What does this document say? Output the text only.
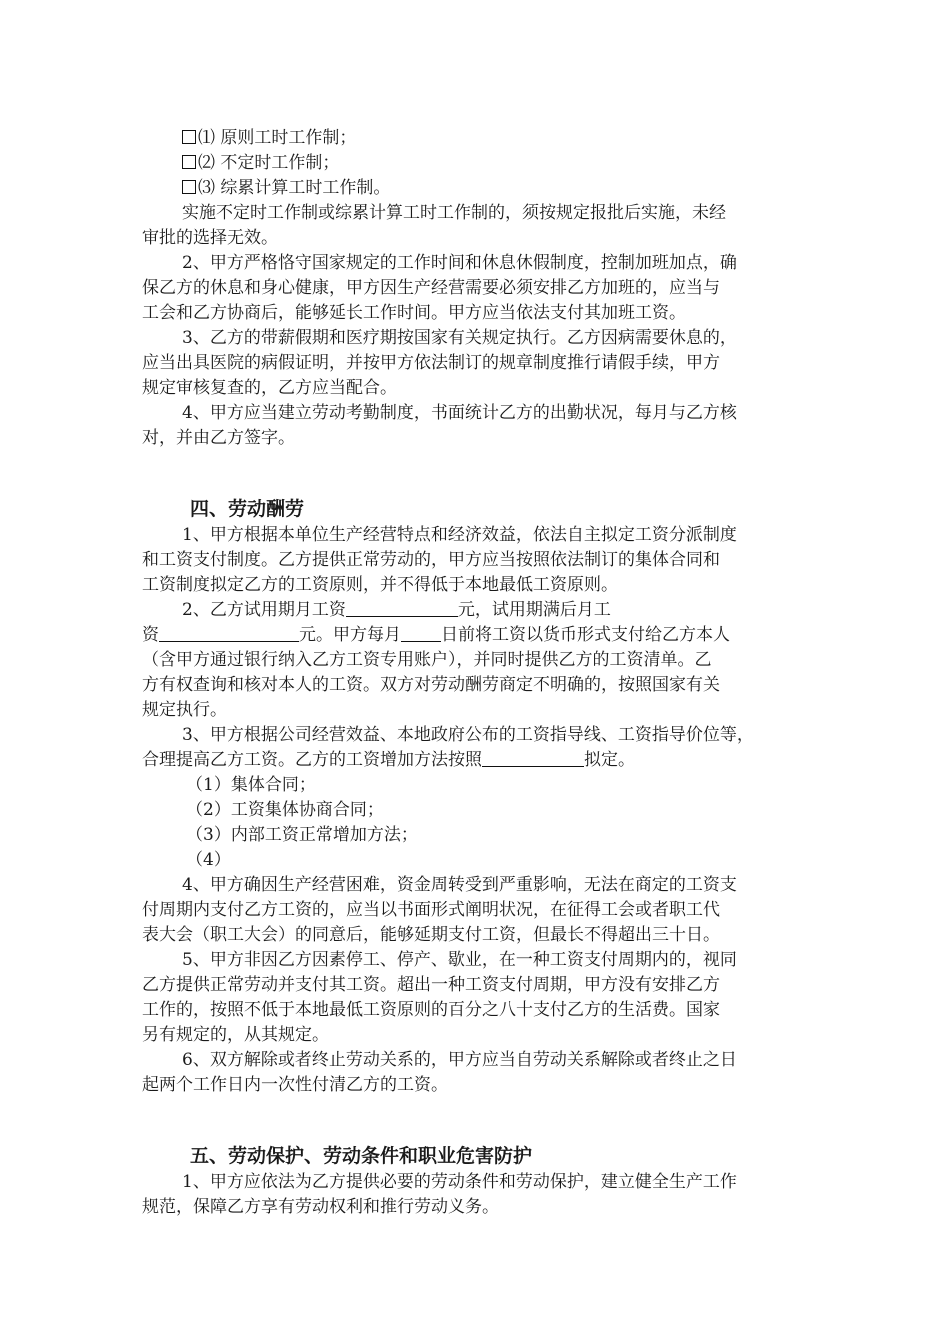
⑴ 原则工时工作制；
⑵ 不定时工作制；
⑶ 综累计算工时工作制。
实施不定时工作制或综累计算工时工作制的，须按规定报批后实施，未经
审批的选择无效。
2、甲方严格恪守国家规定的工作时间和休息休假制度，控制加班加点，确
保乙方的休息和身心健康，甲方因生产经营需要必须安排乙方加班的，应当与
工会和乙方协商后，能够延长工作时间。甲方应当依法支付其加班工资。
3、乙方的带薪假期和医疗期按国家有关规定执行。乙方因病需要休息的，
应当出具医院的病假证明，并按甲方依法制订的规章制度推行请假手续，甲方
规定审核复查的，乙方应当配合。
4、甲方应当建立劳动考勤制度，书面统计乙方的出勤状况，每月与乙方核
对，并由乙方签字。
四、劳动酬劳
1、甲方根据本单位生产经营特点和经济效益，依法自主拟定工资分派制度
和工资支付制度。乙方提供正常劳动的，甲方应当按照依法制订的集体合同和
工资制度拟定乙方的工资原则，并不得低于本地最低工资原则。
2、乙方试用期月工资	元，试用期满后月工
资	元。甲方每月 日前将工资以货币形式支付给乙方本人
（含甲方通过银行纳入乙方工资专用账户），并同时提供乙方的工资清单。乙
方有权查询和核对本人的工资。双方对劳动酬劳商定不明确的，按照国家有关
规定执行。
3、甲方根据公司经营效益、本地政府公布的工资指导线、工资指导价位等，
合理提高乙方工资。乙方的工资增加方法按照	拟定。
（1）集体合同；
（2）工资集体协商合同；
（3）内部工资正常增加方法；
（4）
4、甲方确因生产经营困难，资金周转受到严重影响，无法在商定的工资支
付周期内支付乙方工资的，应当以书面形式阐明状况，在征得工会或者职工代
表大会（职工大会）的同意后，能够延期支付工资，但最长不得超出三十日。
5、甲方非因乙方因素停工、停产、歇业，在一种工资支付周期内的，视同
乙方提供正常劳动并支付其工资。超出一种工资支付周期，甲方没有安排乙方
工作的，按照不低于本地最低工资原则的百分之八十支付乙方的生活费。国家
另有规定的，从其规定。
6、双方解除或者终止劳动关系的，甲方应当自劳动关系解除或者终止之日
起两个工作日内一次性付清乙方的工资。
五、劳动保护、劳动条件和职业危害防护
1、甲方应依法为乙方提供必要的劳动条件和劳动保护，建立健全生产工作
规范，保障乙方享有劳动权利和推行劳动义务。
